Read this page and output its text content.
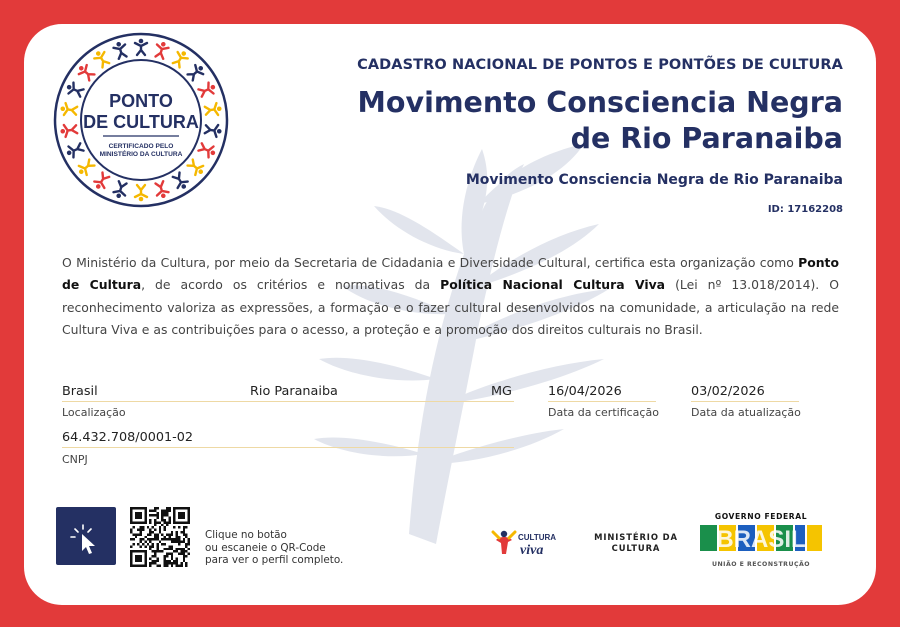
PONTO
DE CULTURA
CERTIFICADO PELO
MINISTÉRIO DA CULTURA
CADASTRO NACIONAL DE PONTOS E PONTÕES DE CULTURA
Movimento Consciencia Negra
de Rio Paranaiba
Movimento Consciencia Negra de Rio Paranaiba
ID: 17162208
O Ministério da Cultura, por meio da Secretaria de Cidadania e Diversidade Cultural, certifica esta organização como Ponto de Cultura, de acordo os critérios e normativas da Política Nacional Cultura Viva (Lei nº 13.018/2014). O reconhecimento valoriza as expressões, a formação e o fazer cultural desenvolvidos na comunidade, a articulação na rede Cultura Viva e as contribuições para o acesso, a proteção e a promoção dos direitos culturais no Brasil.
Brasil	Rio Paranaiba	MG
Localização
16/04/2026
Data da certificação
03/02/2026
Data da atualização
64.432.708/0001-02
CNPJ
Clique no botão
ou escaneie o QR-Code
para ver o perfil completo.
CULTURA
viva
MINISTÉRIO DA
CULTURA
GOVERNO FEDERAL
BRASIL
UNIÃO E RECONSTRUÇÃO
